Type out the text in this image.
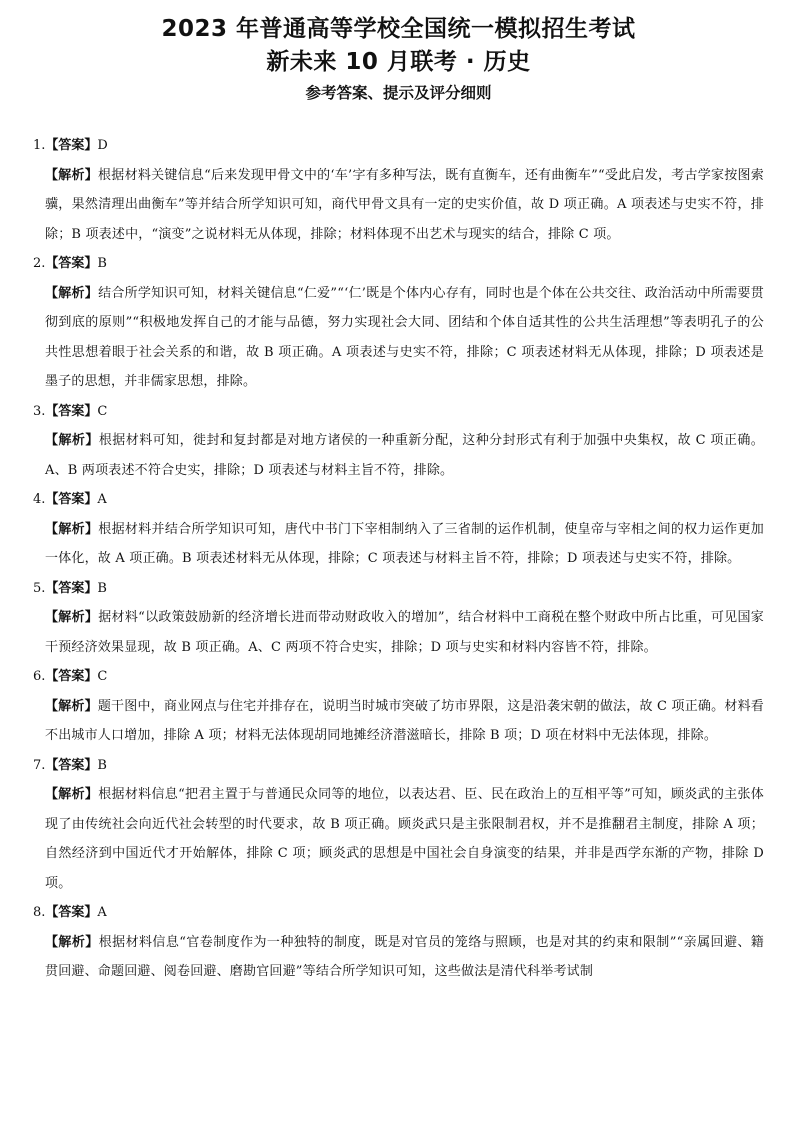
2023 年普通高等学校全国统一模拟招生考试
新未来 10 月联考 · 历史
参考答案、提示及评分细则
1.【答案】D

【解析】根据材料关键信息“后来发现甲骨文中的‘车’字有多种写法，既有直衡车，还有曲衡车”“受此启发，考古学家按图索骥，果然清理出曲衡车”等并结合所学知识可知，商代甲骨文具有一定的史实价值，故 D 项正确。A 项表述与史实不符，排除；B 项表述中，“演变”之说材料无从体现，排除；材料体现不出艺术与现实的结合，排除 C 项。

2.【答案】B

【解析】结合所学知识可知，材料关键信息“仁爱”“‘仁’既是个体内心存有，同时也是个体在公共交往、政治活动中所需要贯彻到底的原则”“积极地发挥自己的才能与品德，努力实现社会大同、团结和个体自适其性的公共生活理想”等表明孔子的公共性思想着眼于社会关系的和谐，故 B 项正确。A 项表述与史实不符，排除；C 项表述材料无从体现，排除；D 项表述是墨子的思想，并非儒家思想，排除。

3.【答案】C

【解析】根据材料可知，徙封和复封都是对地方诸侯的一种重新分配，这种分封形式有利于加强中央集权，故 C 项正确。A、B 两项表述不符合史实，排除；D 项表述与材料主旨不符，排除。

4.【答案】A

【解析】根据材料并结合所学知识可知，唐代中书门下宰相制纳入了三省制的运作机制，使皇帝与宰相之间的权力运作更加一体化，故 A 项正确。B 项表述材料无从体现，排除；C 项表述与材料主旨不符，排除；D 项表述与史实不符，排除。

5.【答案】B

【解析】据材料“以政策鼓励新的经济增长进而带动财政收入的增加”，结合材料中工商税在整个财政中所占比重，可见国家干预经济效果显现，故 B 项正确。A、C 两项不符合史实，排除；D 项与史实和材料内容皆不符，排除。

6.【答案】C

【解析】题干图中，商业网点与住宅并排存在，说明当时城市突破了坊市界限，这是沿袭宋朝的做法，故 C 项正确。材料看不出城市人口增加，排除 A 项；材料无法体现胡同地摊经济潜滋暗长，排除 B 项；D 项在材料中无法体现，排除。

7.【答案】B

【解析】根据材料信息“把君主置于与普通民众同等的地位，以表达君、臣、民在政治上的互相平等”可知，顾炎武的主张体现了由传统社会向近代社会转型的时代要求，故 B 项正确。顾炎武只是主张限制君权，并不是推翻君主制度，排除 A 项；自然经济到中国近代才开始解体，排除 C 项；顾炎武的思想是中国社会自身演变的结果，并非是西学东渐的产物，排除 D 项。

8.【答案】A

【解析】根据材料信息“官卷制度作为一种独特的制度，既是对官员的笼络与照顾，也是对其的约束和限制”“亲属回避、籍贯回避、命题回避、阅卷回避、磨勘官回避”等结合所学知识可知，这些做法是清代科举考试制
